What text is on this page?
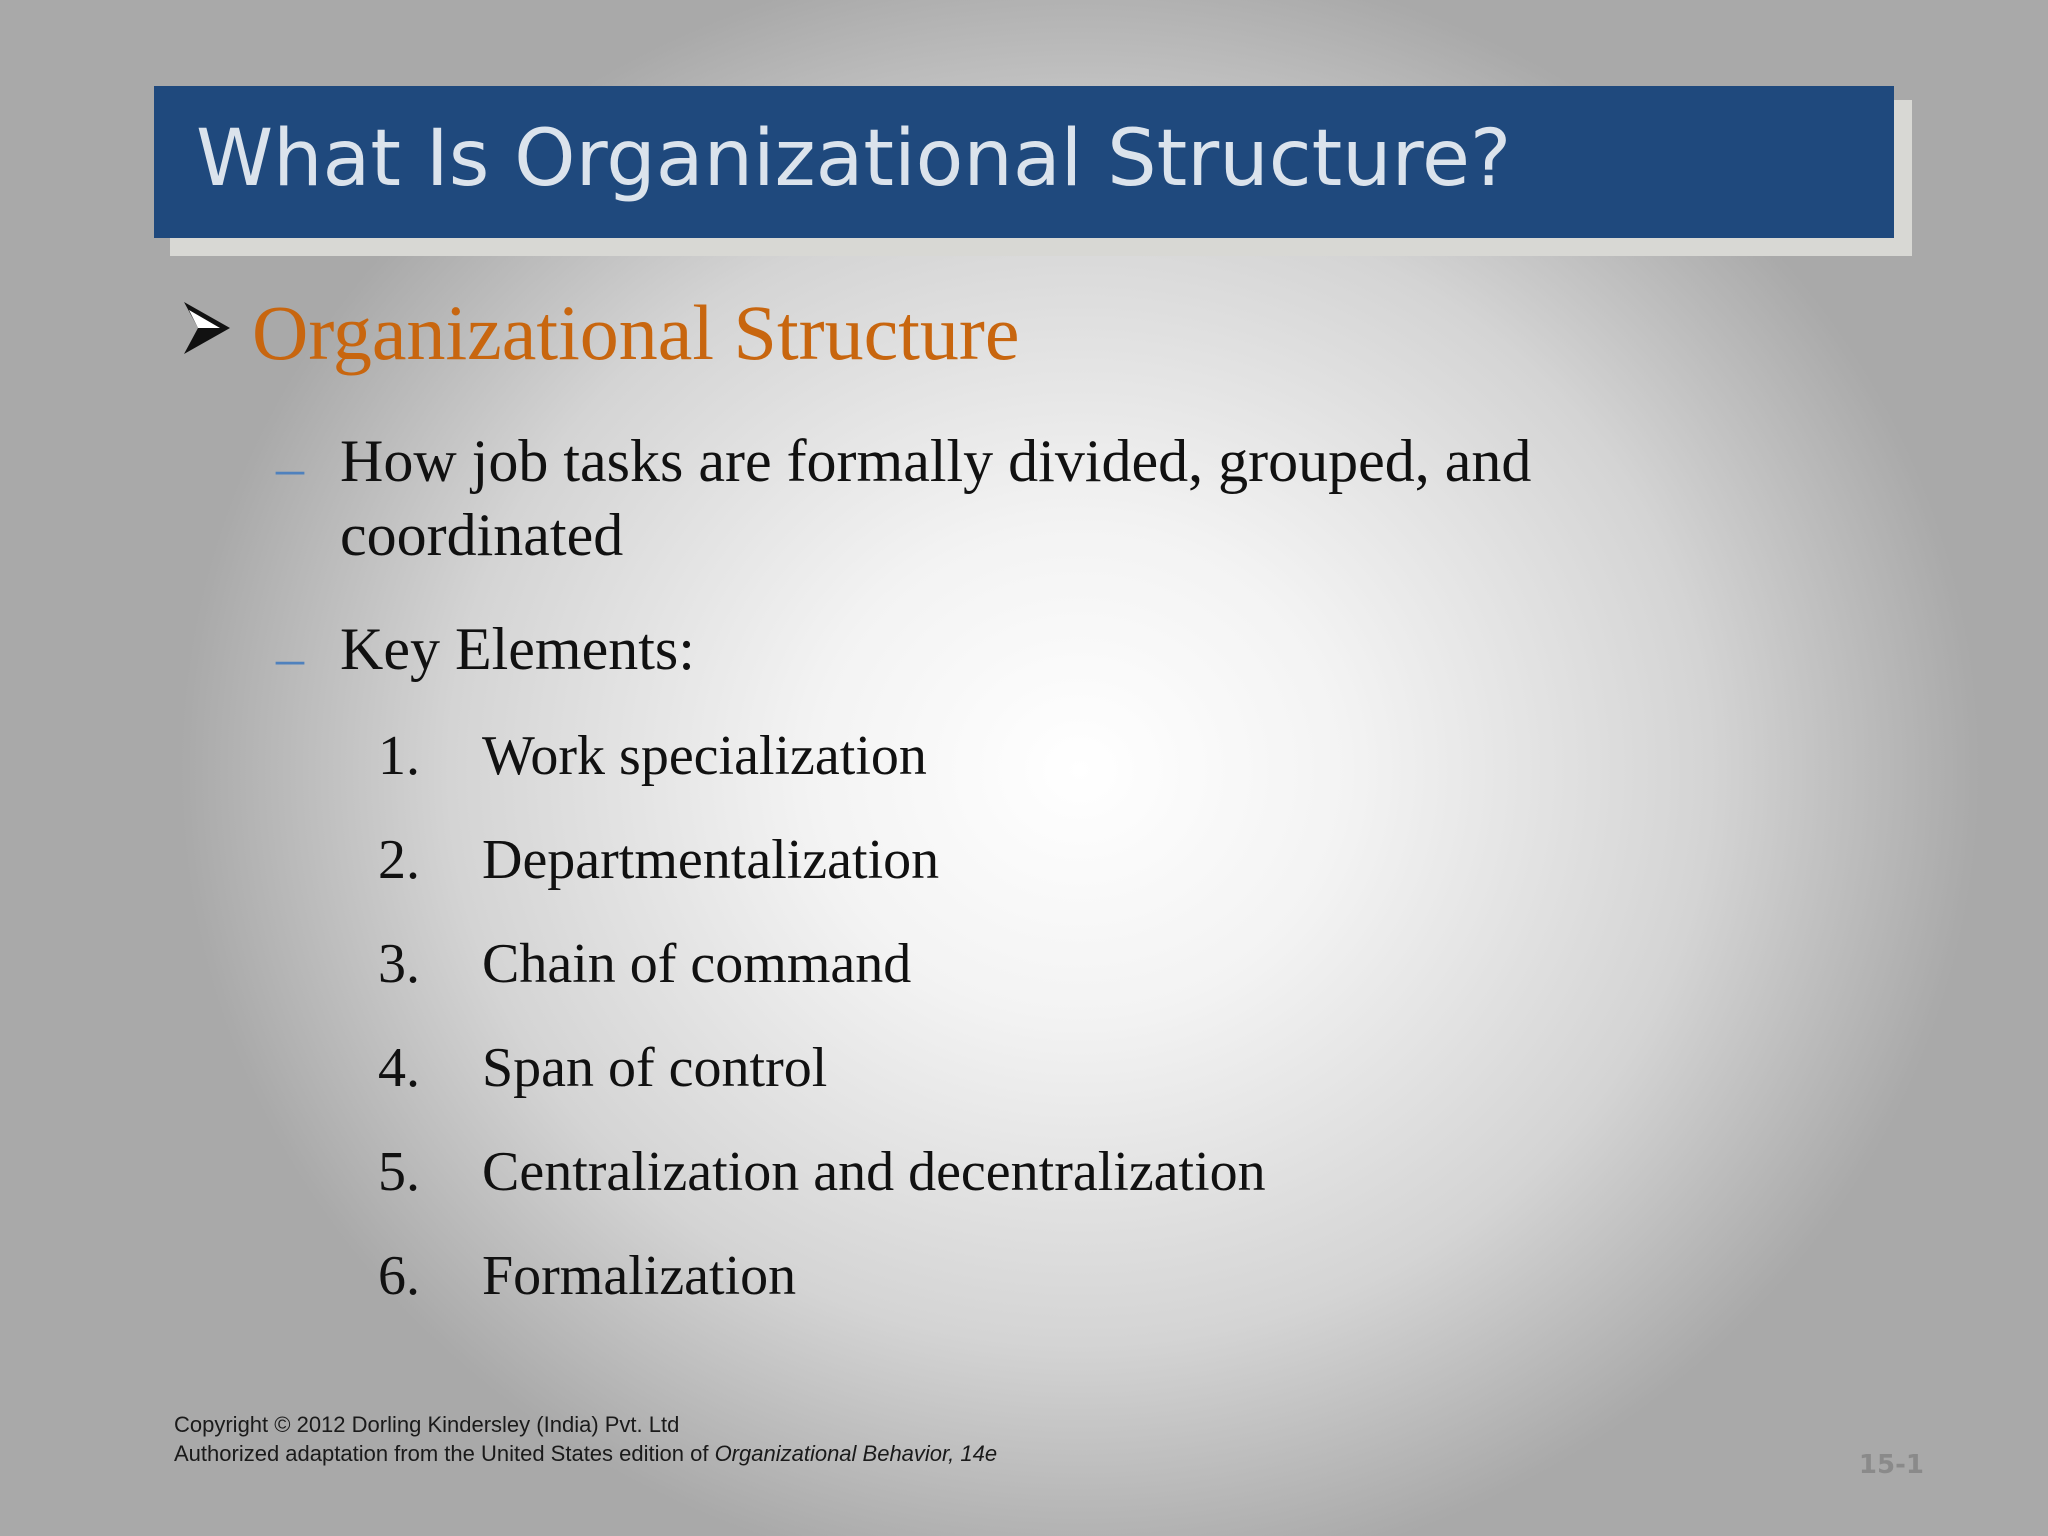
What Is Organizational Structure?
Organizational Structure
– How job tasks are formally divided, grouped, and
coordinated
– Key Elements:
1. Work specialization
2. Departmentalization
3. Chain of command
4. Span of control
5. Centralization and decentralization
6. Formalization
Copyright © 2012 Dorling Kindersley (India) Pvt. Ltd
Authorized adaptation from the United States edition of Organizational Behavior, 14e	15-1
